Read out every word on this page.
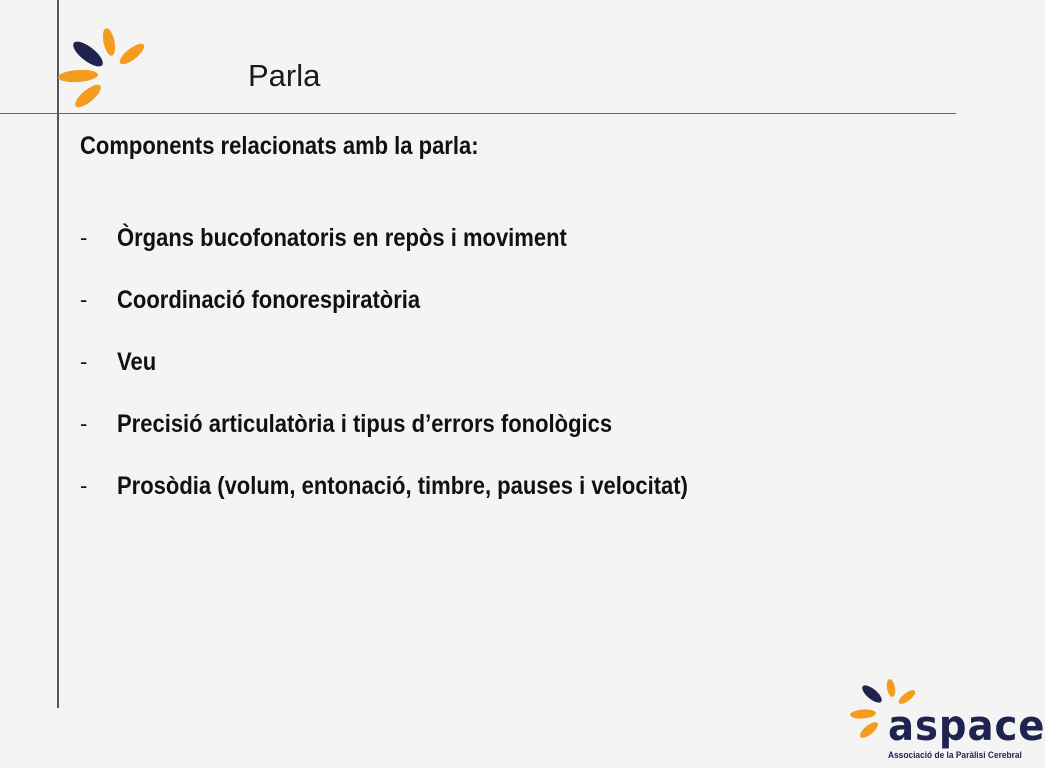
Parla
Components relacionats amb la parla:
-	Òrgans bucofonatoris en repòs i moviment
-	Coordinació fonorespiratòria
-	Veu
-	Precisió articulatòria i tipus d’errors fonològics
-	Prosòdia (volum, entonació, timbre, pauses i velocitat)
aspace
Associació de la Paràlisi Cerebral
